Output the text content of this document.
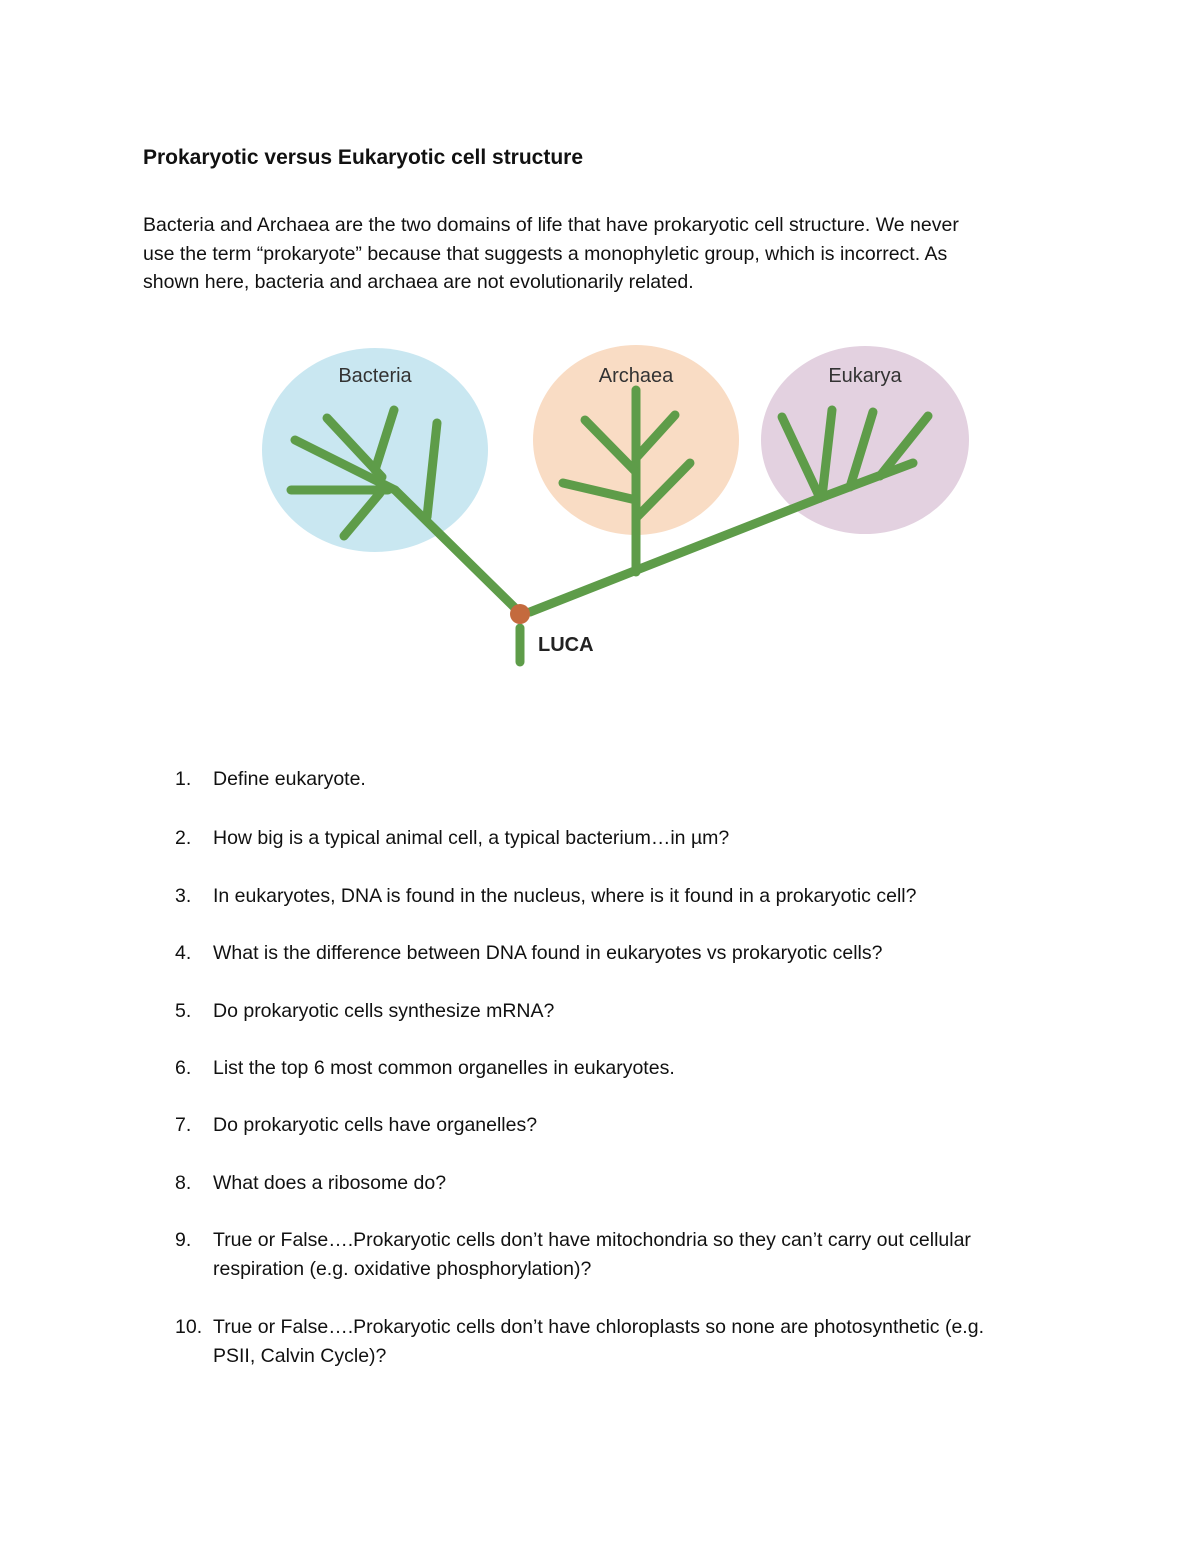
Prokaryotic versus Eukaryotic cell structure

Bacteria and Archaea are the two domains of life that have prokaryotic cell structure. We never
use the term “prokaryote” because that suggests a monophyletic group, which is incorrect. As
shown here, bacteria and archaea are not evolutionarily related.

Bacteria	Archaea	Eukarya
LUCA
1. Define eukaryote.
2. How big is a typical animal cell, a typical bacterium…in µm?
3. In eukaryotes, DNA is found in the nucleus, where is it found in a prokaryotic cell?
4. What is the difference between DNA found in eukaryotes vs prokaryotic cells?
5. Do prokaryotic cells synthesize mRNA?
6. List the top 6 most common organelles in eukaryotes.
7. Do prokaryotic cells have organelles?
8. What does a ribosome do?
9. True or False….Prokaryotic cells don’t have mitochondria so they can’t carry out cellular
respiration (e.g. oxidative phosphorylation)?
10. True or False….Prokaryotic cells don’t have chloroplasts so none are photosynthetic (e.g.
PSII, Calvin Cycle)?
